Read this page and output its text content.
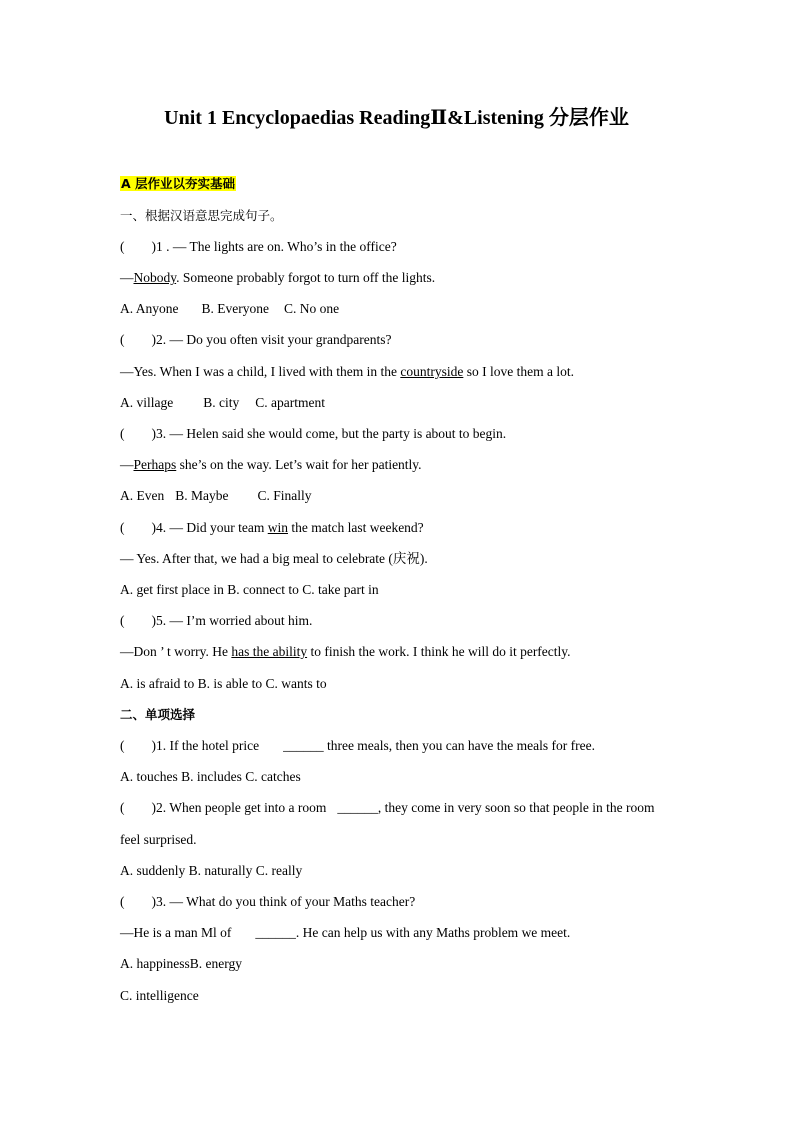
Unit 1 Encyclopaedias ReadingⅡ&Listening 分层作业
A 层作业以夯实基础
一、根据汉语意思完成句子。
( )1 . — The lights are on. Who’s in the office?
—Nobody. Someone probably forgot to turn off the lights.
A. Anyone B. Everyone C. No one
( )2. — Do you often visit your grandparents?
—Yes. When I was a child, I lived with them in the countryside so I love them a lot.
A. village B. city C. apartment
( )3. — Helen said she would come, but the party is about to begin.
—Perhaps she’s on the way. Let’s wait for her patiently.
A. Even B. Maybe C. Finally
( )4. — Did your team win the match last weekend?
— Yes. After that, we had a big meal to celebrate (庆祝).
A. get first place in B. connect to C. take part in
( )5. — I’m worried about him.
—Don ’ t worry. He has the ability to finish the work. I think he will do it perfectly.
A. is afraid to B. is able to C. wants to
二、单项选择
( )1. If the hotel price ______ three meals, then you can have the meals for free.
A. touches B. includes C. catches
( )2. When people get into a room ______, they come in very soon so that people in the room
feel surprised.
A. suddenly B. naturally C. really
( )3. — What do you think of your Maths teacher?
—He is a man Ml of ______. He can help us with any Maths problem we meet.
A. happinessB. energy
C. intelligence
